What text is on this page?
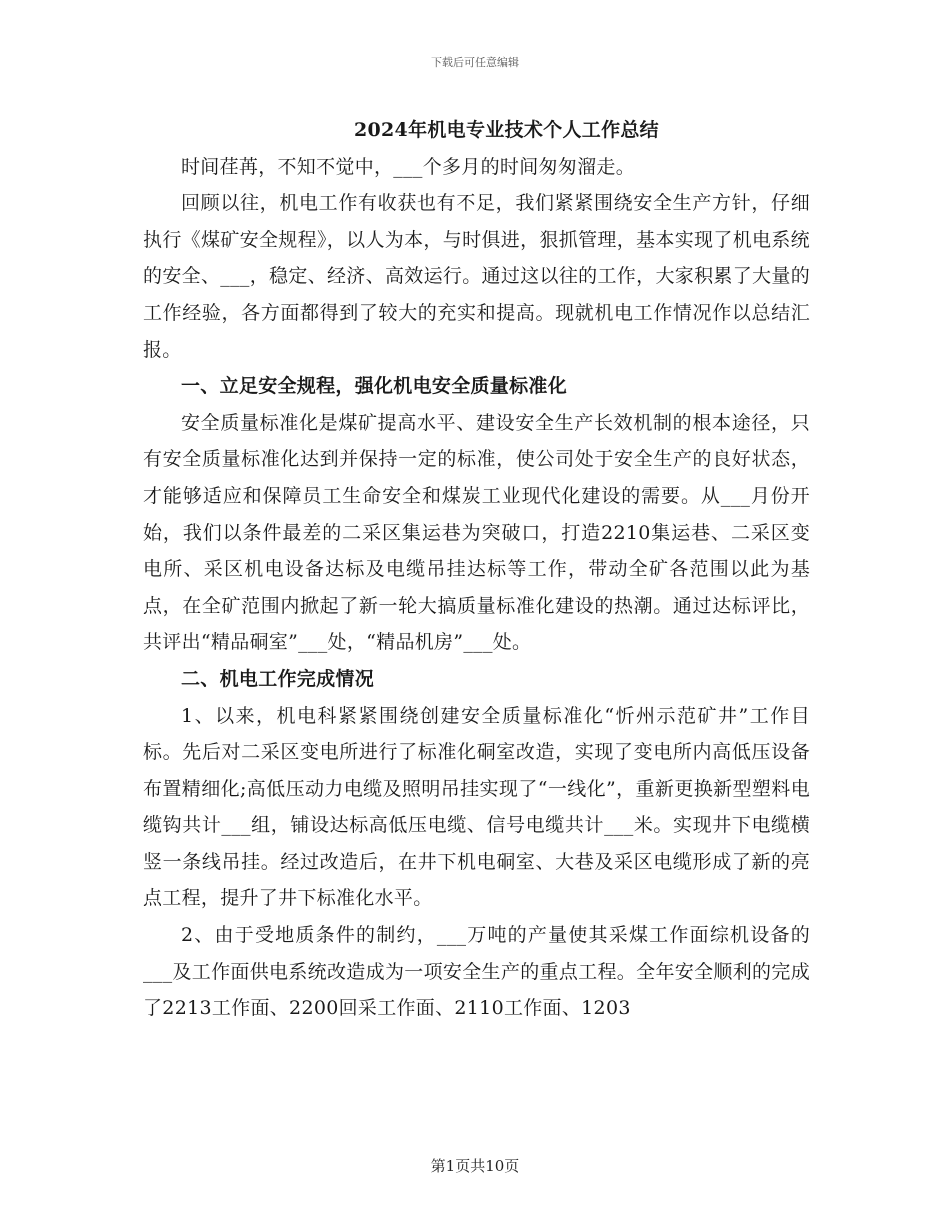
下载后可任意编辑

2024年机电专业技术个人工作总结

时间荏苒，不知不觉中，___个多月的时间匆匆溜走。

回顾以往，机电工作有收获也有不足，我们紧紧围绕安全生产方针，仔细执行《煤矿安全规程》，以人为本，与时俱进，狠抓管理，基本实现了机电系统的安全、___，稳定、经济、高效运行。通过这以往的工作，大家积累了大量的工作经验，各方面都得到了较大的充实和提高。现就机电工作情况作以总结汇报。

一、立足安全规程，强化机电安全质量标准化

安全质量标准化是煤矿提高水平、建设安全生产长效机制的根本途径，只有安全质量标准化达到并保持一定的标准，使公司处于安全生产的良好状态，才能够适应和保障员工生命安全和煤炭工业现代化建设的需要。从___月份开始，我们以条件最差的二采区集运巷为突破口，打造2210集运巷、二采区变电所、采区机电设备达标及电缆吊挂达标等工作，带动全矿各范围以此为基点，在全矿范围内掀起了新一轮大搞质量标准化建设的热潮。通过达标评比，共评出“精品硐室”___处，“精品机房”___处。

二、机电工作完成情况

1、以来，机电科紧紧围绕创建安全质量标准化“忻州示范矿井”工作目标。先后对二采区变电所进行了标准化硐室改造，实现了变电所内高低压设备布置精细化;高低压动力电缆及照明吊挂实现了“一线化”，重新更换新型塑料电缆钩共计___组，铺设达标高低压电缆、信号电缆共计___米。实现井下电缆横竖一条线吊挂。经过改造后，在井下机电硐室、大巷及采区电缆形成了新的亮点工程，提升了井下标准化水平。

2、由于受地质条件的制约，___万吨的产量使其采煤工作面综机设备的___及工作面供电系统改造成为一项安全生产的重点工程。全年安全顺利的完成了2213工作面、2200回采工作面、2110工作面、1203

第1页共10页
